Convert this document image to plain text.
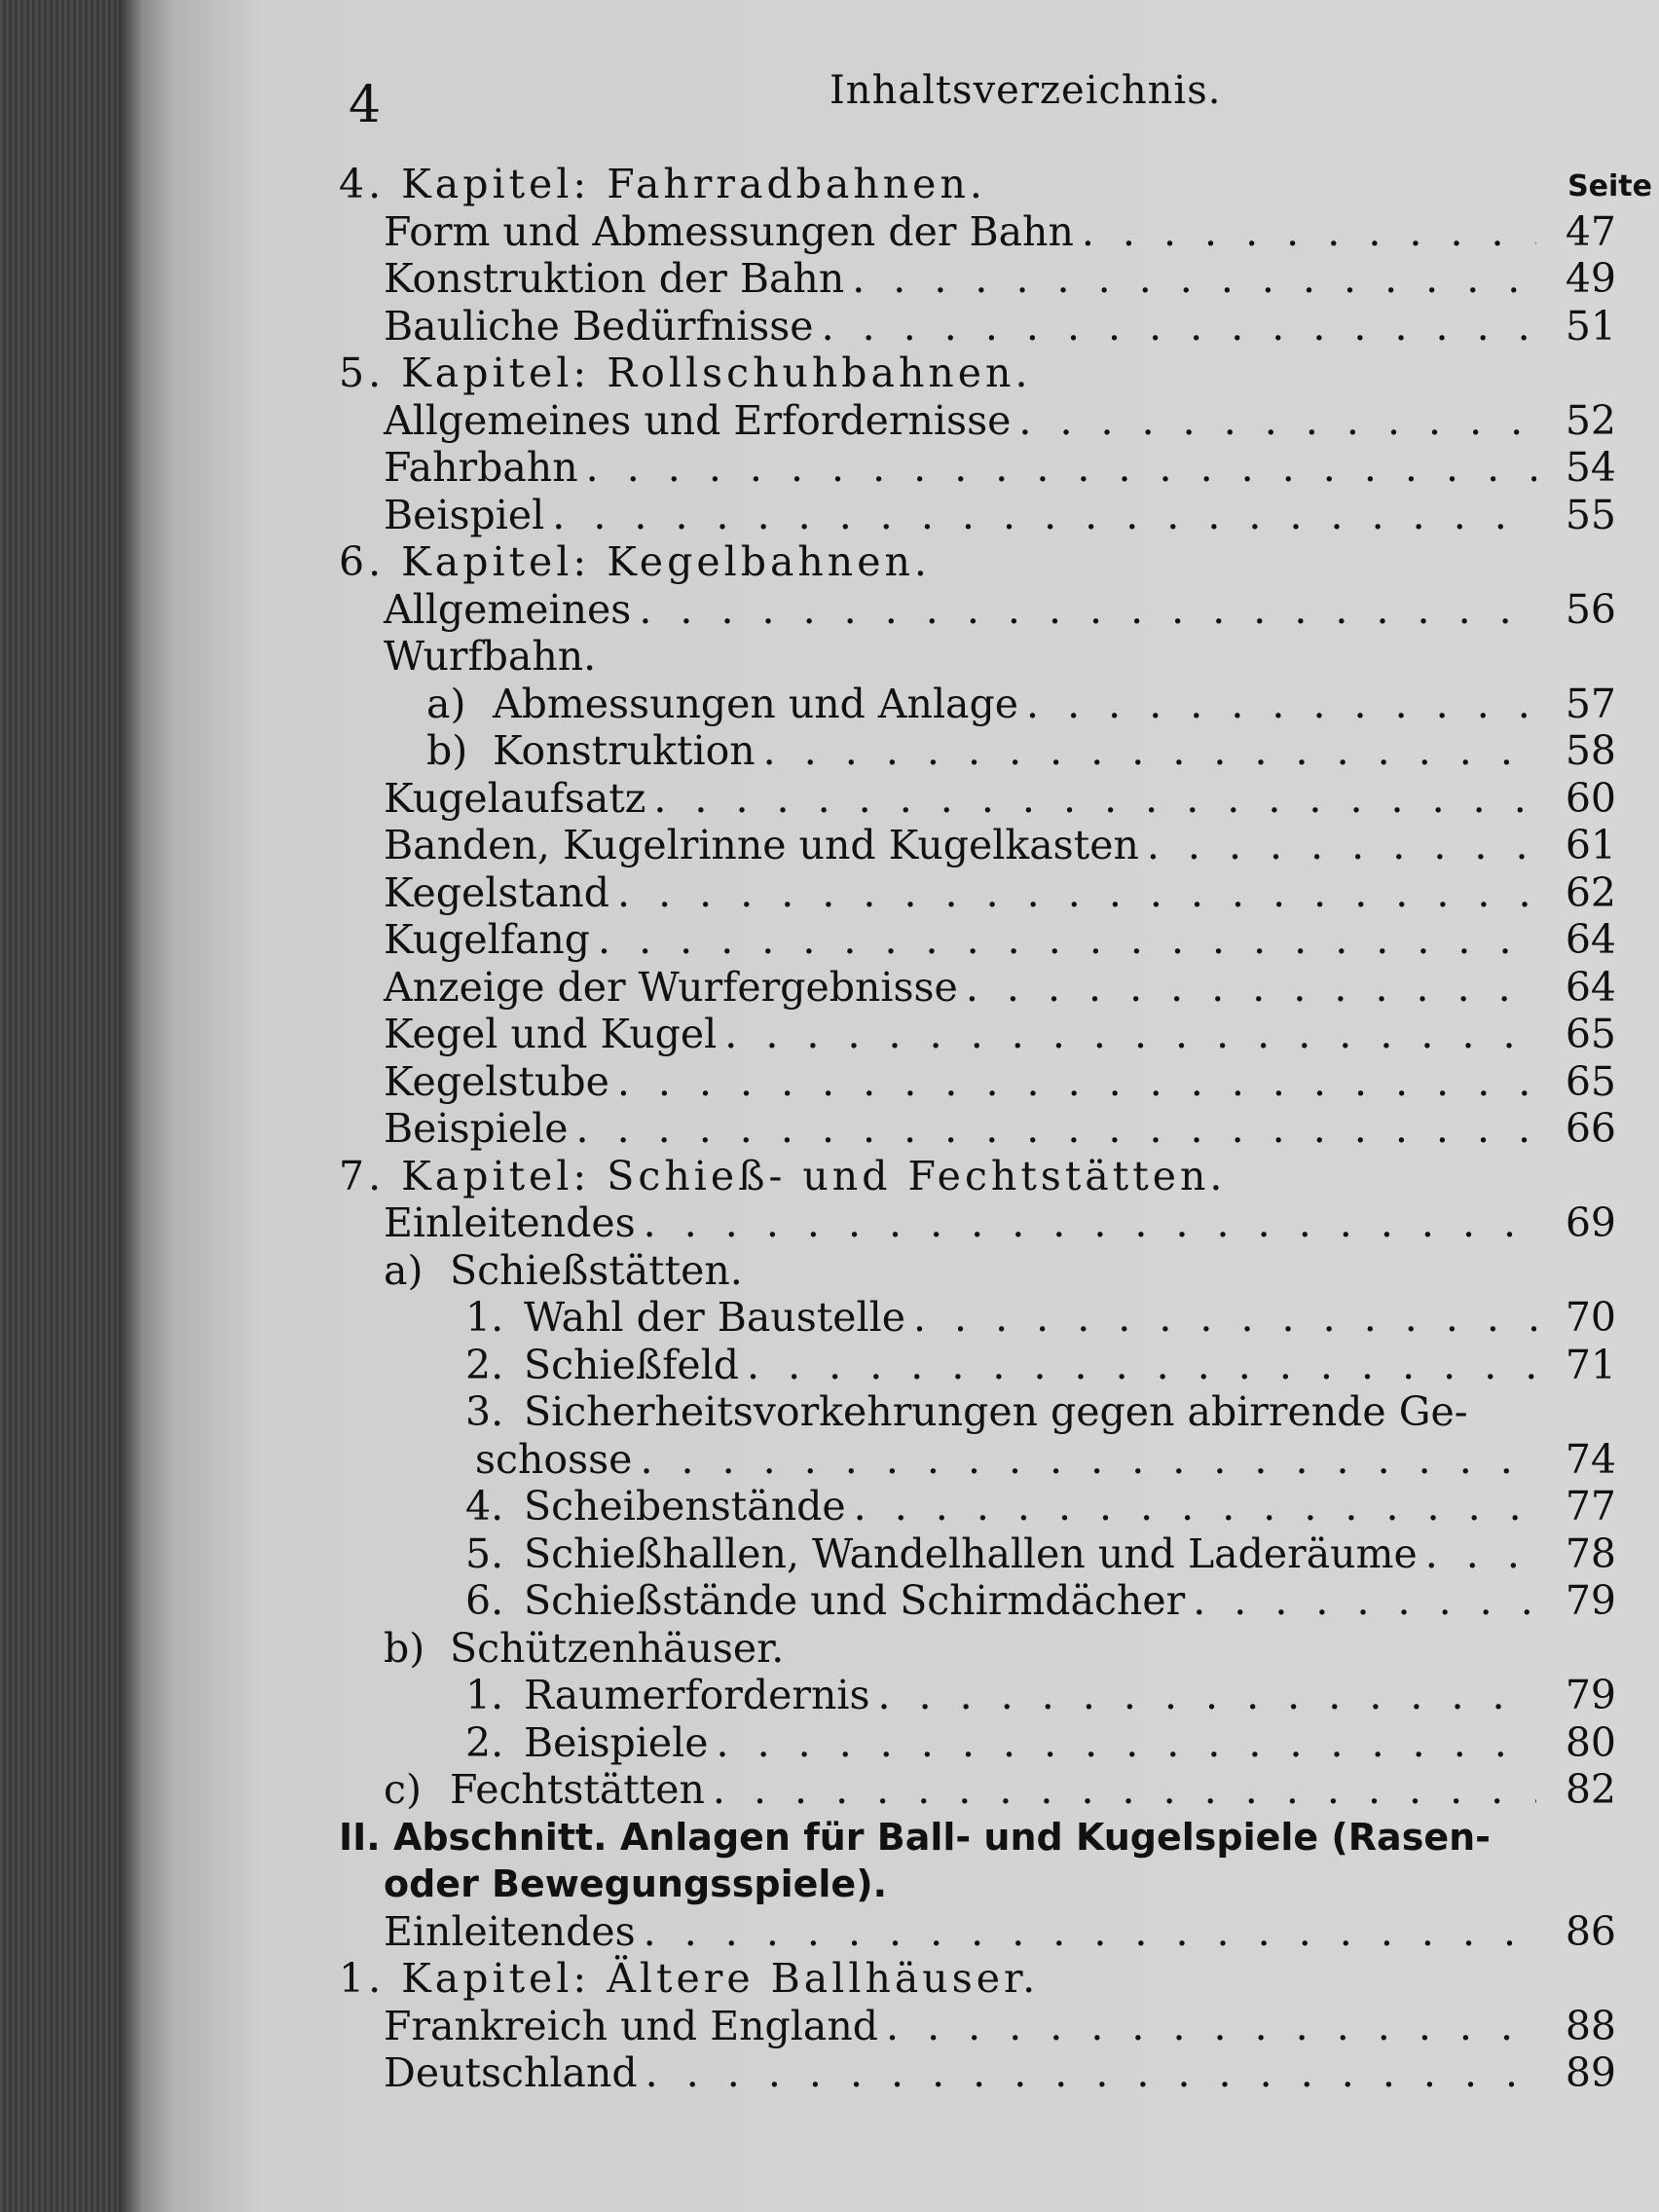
4	Inhaltsverzeichnis.
Seite
4. Kapitel: Fahrradbahnen.
Form und Abmessungen der Bahn . . .	47
Konstruktion der Bahn . . .	49
Bauliche Bedürfnisse . . .	51
5. Kapitel: Rollschuhbahnen.
Allgemeines und Erfordernisse . . .	52
Fahrbahn . . .	54
Beispiel . . .	55
6. Kapitel: Kegelbahnen.
Allgemeines . . .	56
Wurfbahn.
a) Abmessungen und Anlage . . .	57
b) Konstruktion . . .	58
Kugelaufsatz . . .	60
Banden, Kugelrinne und Kugelkasten . . .	61
Kegelstand . . .	62
Kugelfang . . .	64
Anzeige der Wurfergebnisse . . .	64
Kegel und Kugel . . .	65
Kegelstube . . .	65
Beispiele . . .	66
7. Kapitel: Schieß- und Fechtstätten.
Einleitendes . . .	69
a) Schießstätten.
1. Wahl der Baustelle . . .	70
2. Schießfeld . . .	71
3. Sicherheitsvorkehrungen gegen abirrende Ge-
schosse . . .	74
4. Scheibenstände . . .	77
5. Schießhallen, Wandelhallen und Laderäume . . .	78
6. Schießstände und Schirmdächer . . .	79
b) Schützenhäuser.
1. Raumerfordernis . . .	79
2. Beispiele . . .	80
c) Fechtstätten . . .	82
II. Abschnitt. Anlagen für Ball- und Kugelspiele (Rasen-
oder Bewegungsspiele).
Einleitendes . . .	86
1. Kapitel: Ältere Ballhäuser.
Frankreich und England . . .	88
Deutschland . . .	89
